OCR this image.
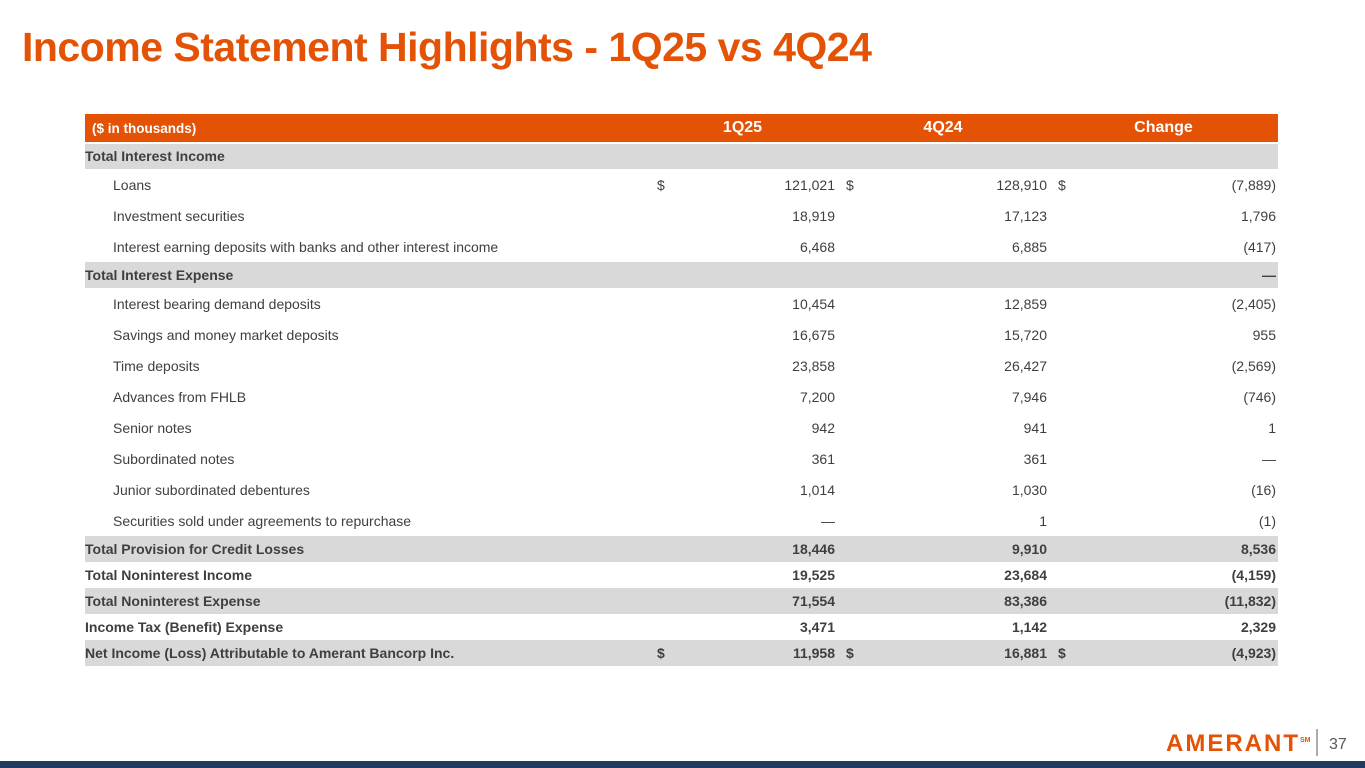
Income Statement Highlights - 1Q25 vs 4Q24
($ in thousands)	1Q25	4Q24	Change
Total Interest Income	

Loans	$ 121,021	$ 128,910	$ (7,889)

Investment securities	18,919	17,123	1,796

Interest earning deposits with banks and other interest income	6,468	6,885	(417)

Total Interest Expense			—

Interest bearing demand deposits	10,454	12,859	(2,405)

Savings and money market deposits	16,675	15,720	955

Time deposits	23,858	26,427	(2,569)

Advances from FHLB	7,200	7,946	(746)

Senior notes	942	941	1

Subordinated notes	361	361	—

Junior subordinated debentures	1,014	1,030	(16)

Securities sold under agreements to repurchase	—	1	(1)

Total Provision for Credit Losses	18,446	9,910	8,536

Total Noninterest Income	19,525	23,684	(4,159)

Total Noninterest Expense	71,554	83,386	(11,832)

Income Tax (Benefit) Expense	3,471	1,142	2,329

Net Income (Loss) Attributable to Amerant Bancorp Inc.	$ 11,958	$ 16,881	$ (4,923)
AMERANT℠ 37
